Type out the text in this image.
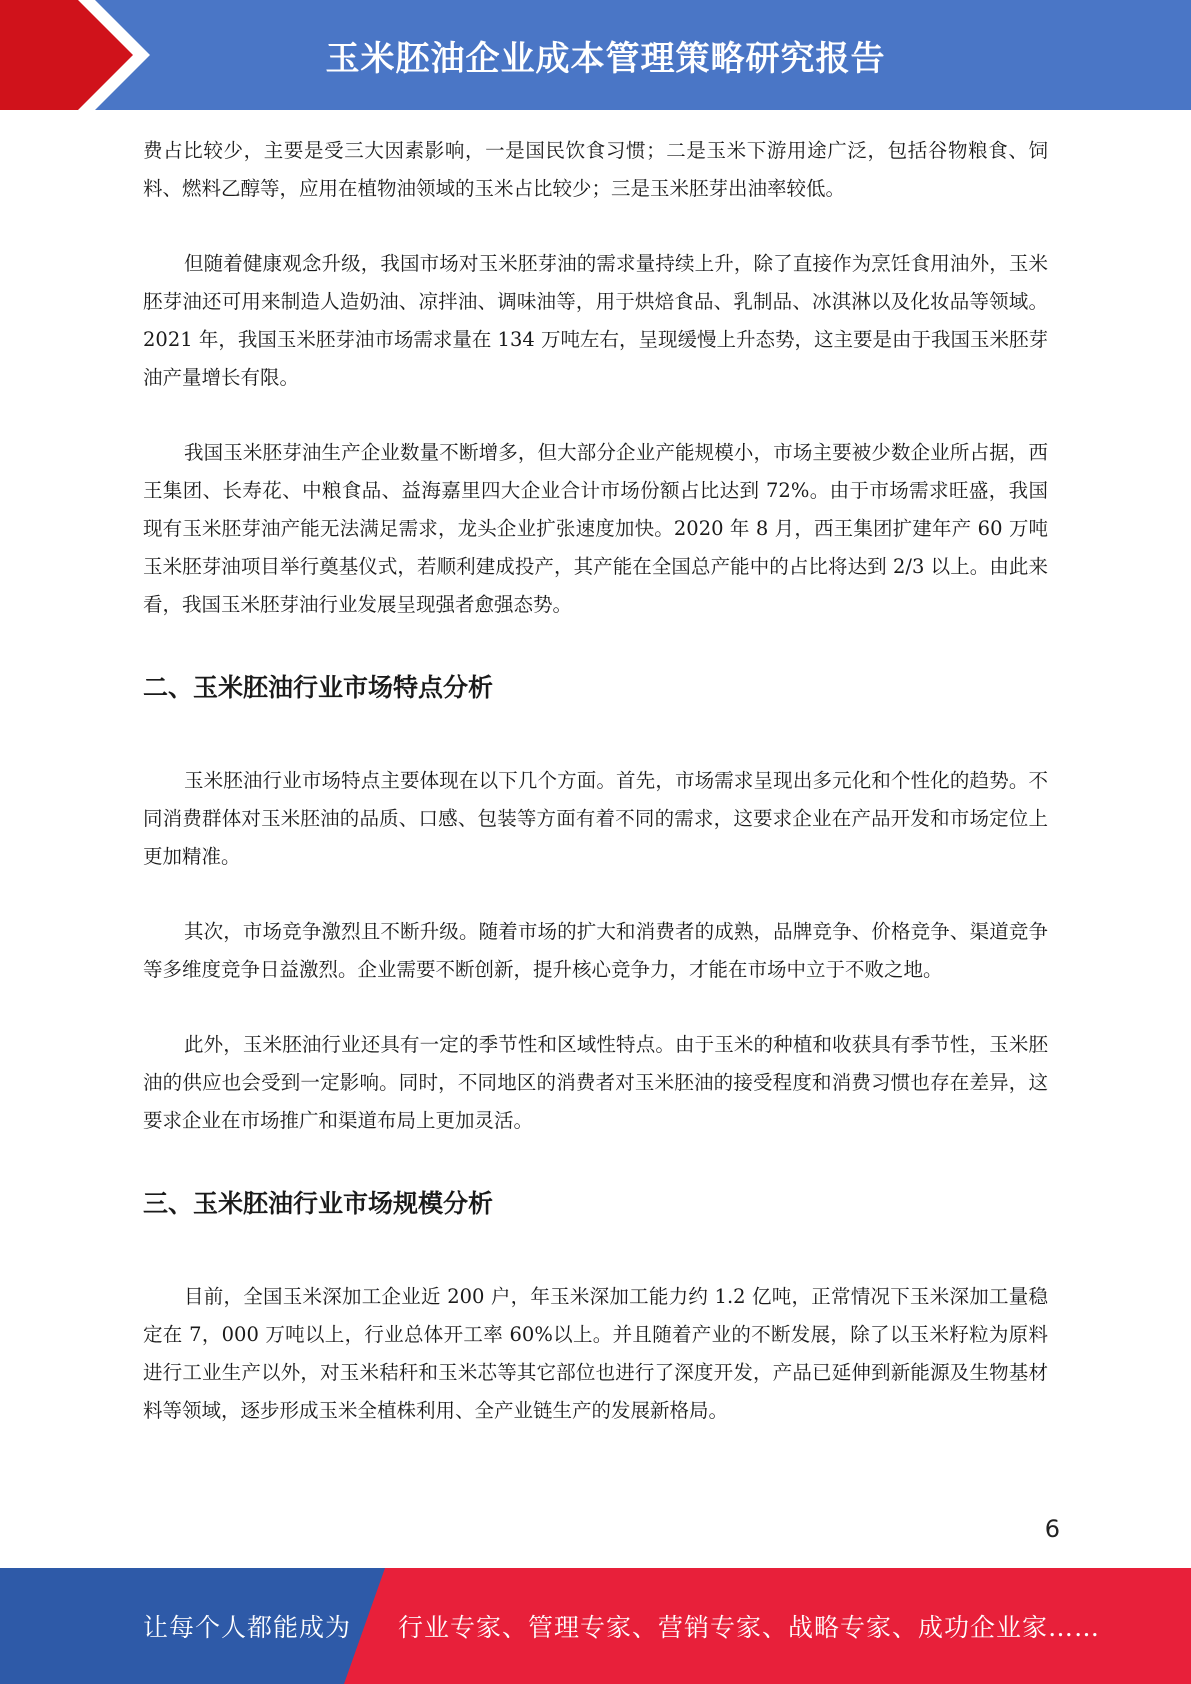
玉米胚油企业成本管理策略研究报告

费占比较少，主要是受三大因素影响，一是国民饮食习惯；二是玉米下游用途广泛，包括谷物粮食、饲料、燃料乙醇等，应用在植物油领域的玉米占比较少；三是玉米胚芽出油率较低。

但随着健康观念升级，我国市场对玉米胚芽油的需求量持续上升，除了直接作为烹饪食用油外，玉米胚芽油还可用来制造人造奶油、凉拌油、调味油等，用于烘焙食品、乳制品、冰淇淋以及化妆品等领域。2021 年，我国玉米胚芽油市场需求量在 134 万吨左右，呈现缓慢上升态势，这主要是由于我国玉米胚芽油产量增长有限。

我国玉米胚芽油生产企业数量不断增多，但大部分企业产能规模小，市场主要被少数企业所占据，西王集团、长寿花、中粮食品、益海嘉里四大企业合计市场份额占比达到 72%。由于市场需求旺盛，我国现有玉米胚芽油产能无法满足需求，龙头企业扩张速度加快。2020 年 8 月，西王集团扩建年产 60 万吨玉米胚芽油项目举行奠基仪式，若顺利建成投产，其产能在全国总产能中的占比将达到 2/3 以上。由此来看，我国玉米胚芽油行业发展呈现强者愈强态势。

二、玉米胚油行业市场特点分析

玉米胚油行业市场特点主要体现在以下几个方面。首先，市场需求呈现出多元化和个性化的趋势。不同消费群体对玉米胚油的品质、口感、包装等方面有着不同的需求，这要求企业在产品开发和市场定位上更加精准。

其次，市场竞争激烈且不断升级。随着市场的扩大和消费者的成熟，品牌竞争、价格竞争、渠道竞争等多维度竞争日益激烈。企业需要不断创新，提升核心竞争力，才能在市场中立于不败之地。

此外，玉米胚油行业还具有一定的季节性和区域性特点。由于玉米的种植和收获具有季节性，玉米胚油的供应也会受到一定影响。同时，不同地区的消费者对玉米胚油的接受程度和消费习惯也存在差异，这要求企业在市场推广和渠道布局上更加灵活。

三、玉米胚油行业市场规模分析

目前，全国玉米深加工企业近 200 户，年玉米深加工能力约 1.2 亿吨，正常情况下玉米深加工量稳定在 7，000 万吨以上，行业总体开工率 60%以上。并且随着产业的不断发展，除了以玉米籽粒为原料进行工业生产以外，对玉米秸秆和玉米芯等其它部位也进行了深度开发，产品已延伸到新能源及生物基材料等领域，逐步形成玉米全植株利用、全产业链生产的发展新格局。

6
让每个人都能成为 行业专家、管理专家、营销专家、战略专家、成功企业家……
